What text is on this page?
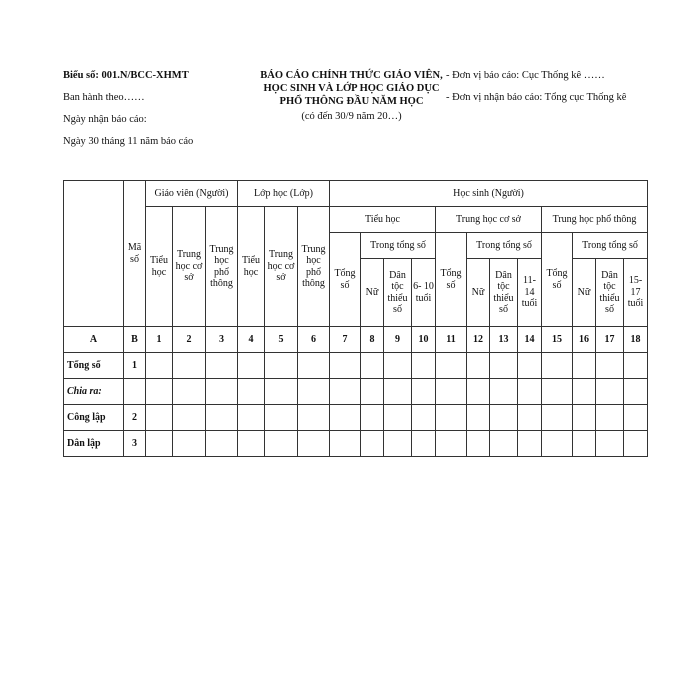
Biểu số: 001.N/BCC-XHMT
Ban hành theo……
Ngày nhận báo cáo:
Ngày 30 tháng 11 năm báo cáo
BÁO CÁO CHÍNH THỨC GIÁO VIÊN,
HỌC SINH VÀ LỚP HỌC GIÁO DỤC
PHỔ THÔNG ĐẦU NĂM HỌC
(có đến 30/9 năm 20…)
- Đơn vị báo cáo: Cục Thống kê ……
- Đơn vị nhận báo cáo: Tổng cục Thống kê
	Mã số	Giáo viên (Người)			Lớp học (Lớp)			Học sinh (Người)											
		Tiểu học	Trung học cơ sở	Trung học phổ thông	Tiểu học	Trung học cơ sở	Trung học phổ thông	Tiểu học				Trung học cơ sở				Trung học phổ thông			
								Tổng số	Trong tổng số			Tổng số	Trong tổng số			Tổng số	Trong tổng số		
									Nữ	Dân tộc thiểu số	6- 10 tuổi		Nữ	Dân tộc thiểu số	11- 14 tuổi		Nữ	Dân tộc thiểu số	15- 17 tuổi
A	B	1	2	3	4	5	6	7	8	9	10	11	12	13	14	15	16	17	18
Tổng số	1																		
Chia ra:																			
Công lập	2																		
Dân lập	3																		
